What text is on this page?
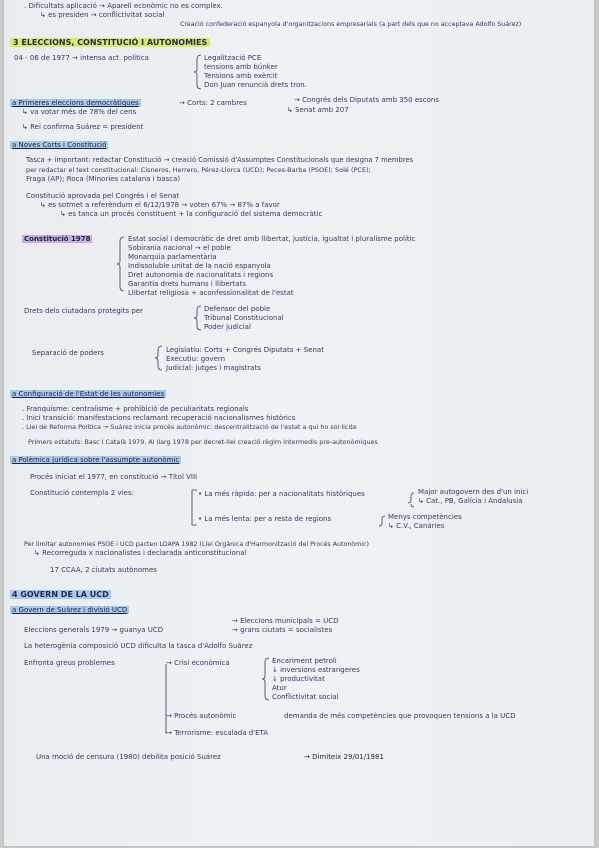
. Dificultats aplicació → Aparell econòmic no es complex.
↳ es presiden → conflictivitat social
Creació confederació espanyola d'organitzacions empresarials (a part dels que no acceptava Adolfo Suárez)
3 ELECCIONS, CONSTITUCIÓ I AUTONOMIES
04 - 06 de 1977 → intensa act. política	Legalització PCE
tensions amb búnker
Tensions amb exèrcit
Don Juan renuncià drets tron.
a Primeres eleccions democràtiques	→ Corts: 2 cambres	→ Congrés dels Diputats amb 350 escons
↳ va votar més de 78% del cens	↳ Senat amb 207
↳ Rei confirma Suárez = president
a Noves Corts i Constitució
Tasca + important: redactar Constitució → creació Comissió d'Assumptes Constitucionals que designa 7 membres
per redactar el text constitucional: Cisneros, Herrero, Pérez-Llorca (UCD); Peces-Barba (PSOE); Solé (PCE);
Fraga (AP); Roca (Minories catalana i basca)
Constitució aprovada pel Congrés i el Senat
↳ es sotmet a referèndum el 6/12/1978 → voten 67% → 87% a favor
↳ es tanca un procés constituent + la configuració del sistema democràtic
Constitució 1978	Estat social i democràtic de dret amb llibertat, justícia, igualtat i pluralisme polític
Sobirania nacional → el poble
Monarquia parlamentària
Indissoluble unitat de la nació espanyola
Dret autonomia de nacionalitats i regions
Garantia drets humans i llibertats
Llibertat religiosa + aconfessionalitat de l'estat
Drets dels ciutadans protegits per	Defensor del poble
Tribunal Constitucional
Poder judicial
Separació de poders	Legislatiu: Corts + Congrés Diputats + Senat
Executiu: govern
Judicial: jutges i magistrats
a Configuració de l'Estat de les autonomies
. Franquisme: centralisme + prohibició de peculiaritats regionals
. Inici transició: manifestacions reclamant recuperació nacionalismes històrics
. Llei de Reforma Política → Suárez inicia procés autonòmic: descentralització de l'estat a qui ho sol·licite
Primers estatuts: Basc i Català 1979. Al llarg 1978 per decret-llei creació règim intermedis pre-autonòmiques
a Polèmica jurídica sobre l'assumpte autonòmic
Procés iniciat el 1977, en constitució → Títol VIII
Constitució contempla 2 vies:	• La més ràpida: per a nacionalitats històriques	Major autogovern des d'un inici
↳ Cat., PB, Galícia i Andalusia
• La més lenta: per a resta de regions	Menys competències
↳ C.V., Canàries
Per limitar autonomies PSOE i UCD pacten LOAPA 1982 (Llei Orgànica d'Harmonització del Procés Autonòmic)
↳ Recorreguda x nacionalistes i declarada anticonstitucional
17 CCAA, 2 ciutats autònomes
4 GOVERN DE LA UCD
a Govern de Suárez i divisió UCD
Eleccions generals 1979 → guanya UCD
→ Eleccions municipals = UCD
→ grans ciutats = socialistes
La heterogènia composició UCD dificulta la tasca d'Adolfo Suárez
Enfronta greus problemes	→ Crisi econòmica	Encariment petroli
↓ inversions estrangeres
↓ productivitat
Atur
Conflictivitat social
→ Procés autonòmic	demanda de més competències que provoquen tensions a la UCD
→ Terrorisme: escalada d'ETA
Una moció de censura (1980) debilita posició Suárez	→ Dimiteix 29/01/1981
